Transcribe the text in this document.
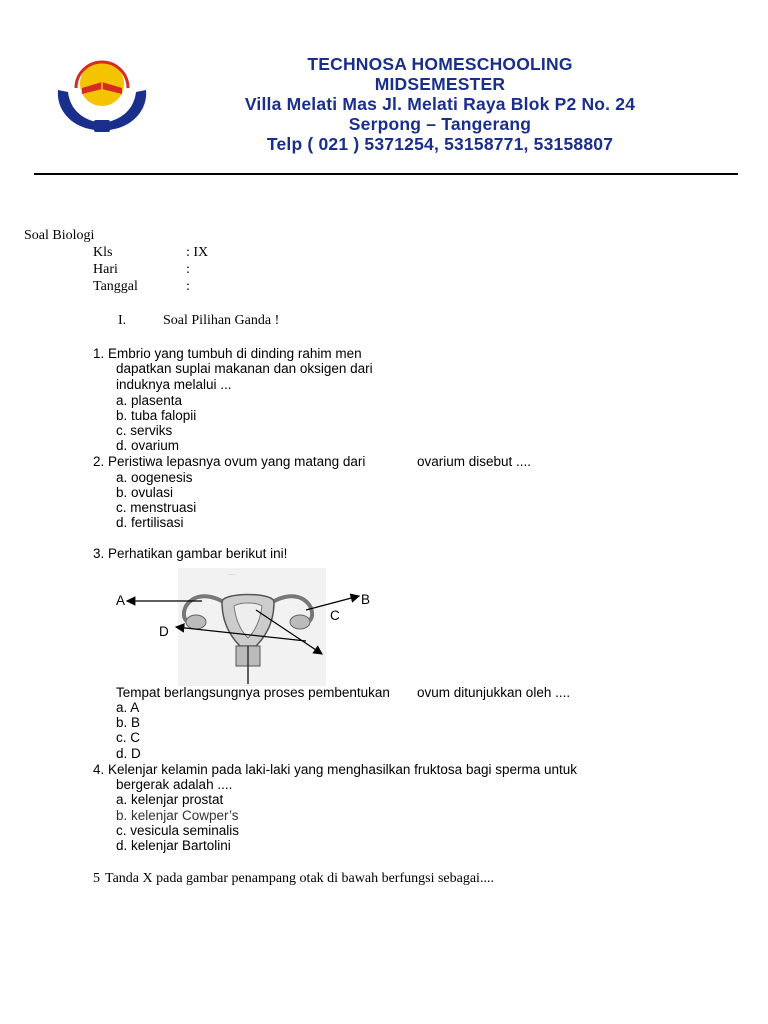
TECHNOSA HOMESCHOOLING
MIDSEMESTER
Villa Melati Mas Jl. Melati Raya Blok P2 No. 24
Serpong – Tangerang
Telp ( 021 ) 5371254, 53158771, 53158807
Soal Biologi
Kls	: IX
Hari	:
Tanggal	:
I.	Soal Pilihan Ganda !
1. Embrio yang tumbuh di dinding rahim men
dapatkan suplai makanan dan oksigen dari
induknya melalui ...
a. plasenta
b. tuba falopii
c. serviks
d. ovarium
2. Peristiwa lepasnya ovum yang matang dari	ovarium disebut ....
a. oogenesis
b. ovulasi
c. menstruasi
d. fertilisasi
3. Perhatikan gambar berikut ini!
·····
A	B
C
D
Tempat berlangsungnya proses pembentukan ovum ditunjukkan oleh ....
a. A
b. B
c. C
d. D
4. Kelenjar kelamin pada laki-laki yang menghasilkan fruktosa bagi sperma untuk
bergerak adalah ....
a. kelenjar prostat
b. kelenjar Cowper’s
c. vesicula seminalis
d. kelenjar Bartolini
5 Tanda X pada gambar penampang otak di bawah berfungsi sebagai....
